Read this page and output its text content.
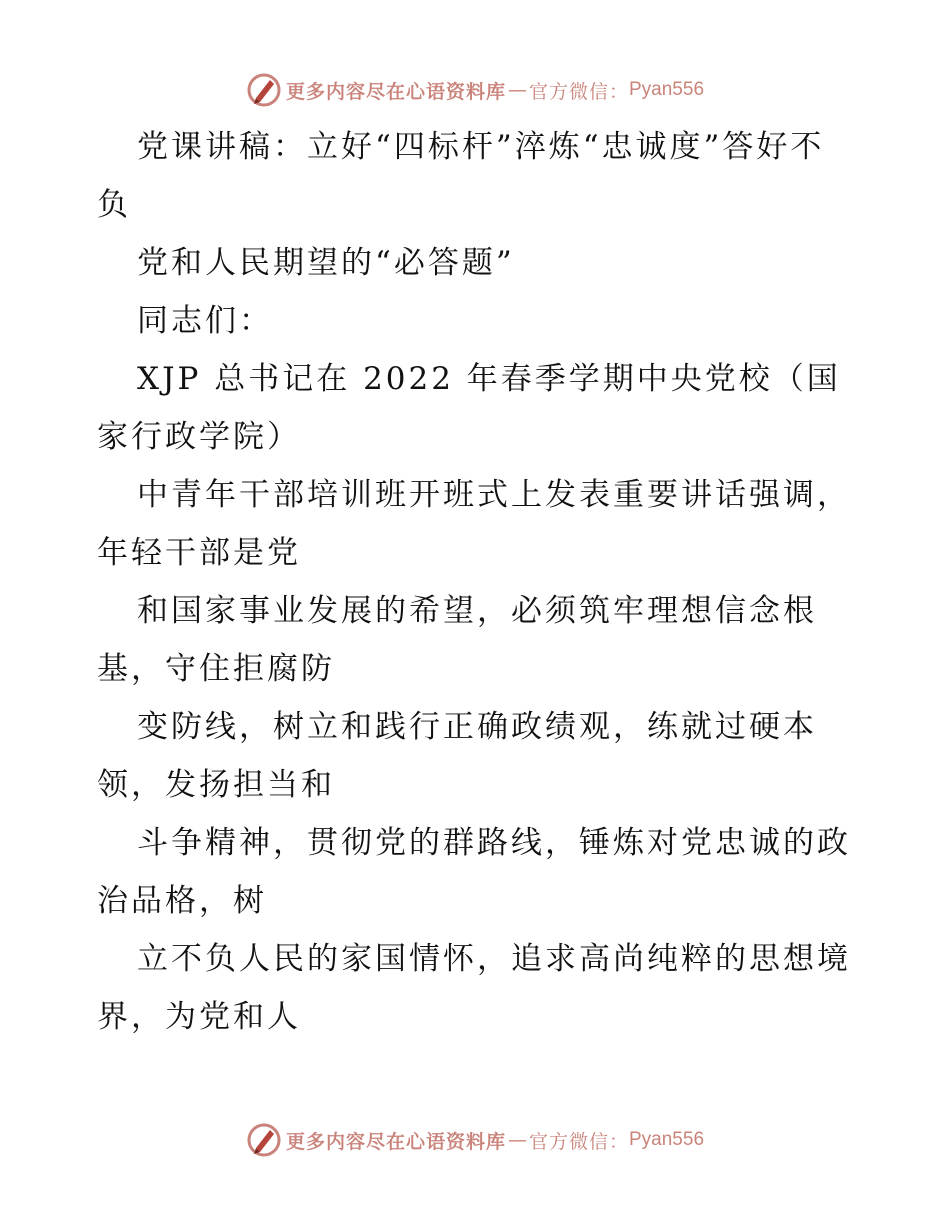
更多内容尽在心语资料库 — 官方微信： Pyan556

党课讲稿：立好“四标杆”淬炼“忠诚度”答好不负

党和人民期望的“必答题”

同志们：

XJP 总书记在 2022 年春季学期中央党校（国家行政学院）

中青年干部培训班开班式上发表重要讲话强调，年轻干部是党

和国家事业发展的希望，必须筑牢理想信念根基，守住拒腐防

变防线，树立和践行正确政绩观，练就过硬本领，发扬担当和

斗争精神，贯彻党的群路线，锤炼对党忠诚的政治品格，树

立不负人民的家国情怀，追求高尚纯粹的思想境界，为党和人

更多内容尽在心语资料库 — 官方微信： Pyan556
